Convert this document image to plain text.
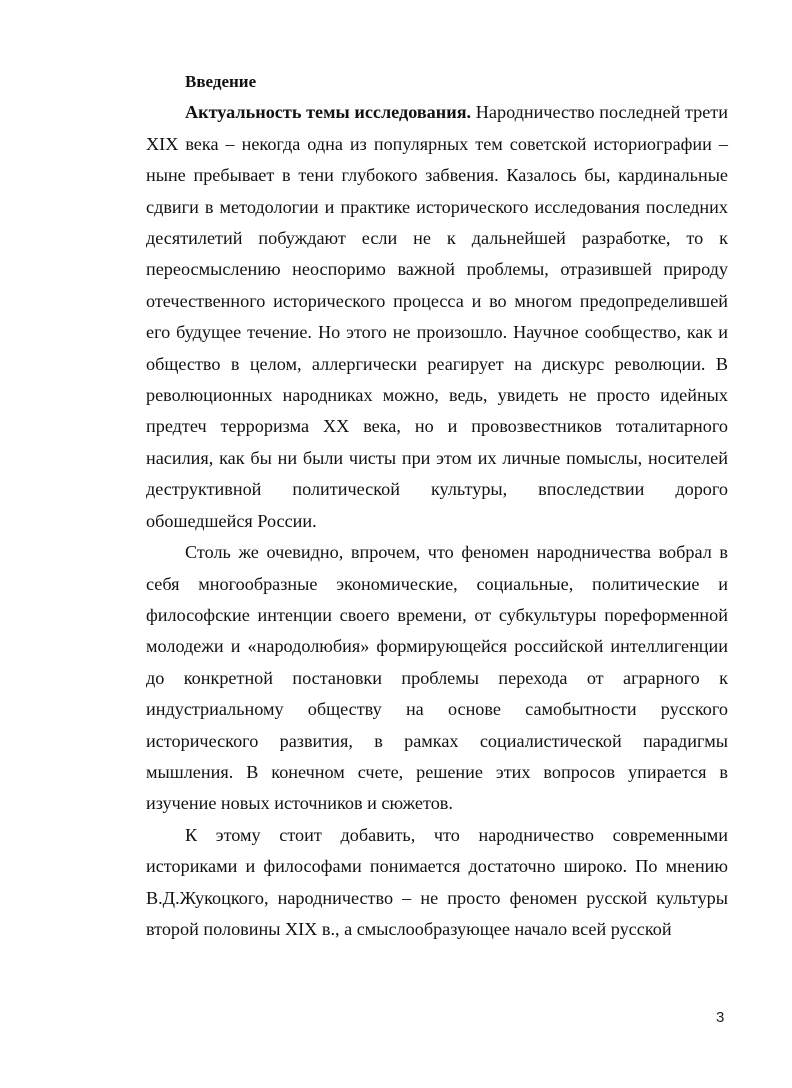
Введение

Актуальность темы исследования. Народничество последней трети XIX века – некогда одна из популярных тем советской историографии – ныне пребывает в тени глубокого забвения. Казалось бы, кардинальные сдвиги в методологии и практике исторического исследования последних десятилетий побуждают если не к дальнейшей разработке, то к переосмыслению неоспоримо важной проблемы, отразившей природу отечественного исторического процесса и во многом предопределившей его будущее течение. Но этого не произошло. Научное сообщество, как и общество в целом, аллергически реагирует на дискурс революции. В революционных народниках можно, ведь, увидеть не просто идейных предтеч терроризма XX века, но и провозвестников тоталитарного насилия, как бы ни были чисты при этом их личные помыслы, носителей деструктивной политической культуры, впоследствии дорого обошедшейся России.

Столь же очевидно, впрочем, что феномен народничества вобрал в себя многообразные экономические, социальные, политические и философские интенции своего времени, от субкультуры пореформенной молодежи и «народолюбия» формирующейся российской интеллигенции до конкретной постановки проблемы перехода от аграрного к индустриальному обществу на основе самобытности русского исторического развития, в рамках социалистической парадигмы мышления. В конечном счете, решение этих вопросов упирается в изучение новых источников и сюжетов.

К этому стоит добавить, что народничество современными историками и философами понимается достаточно широко. По мнению В.Д.Жукоцкого, народничество – не просто феномен русской культуры второй половины XIX в., а смыслообразующее начало всей русской

3
